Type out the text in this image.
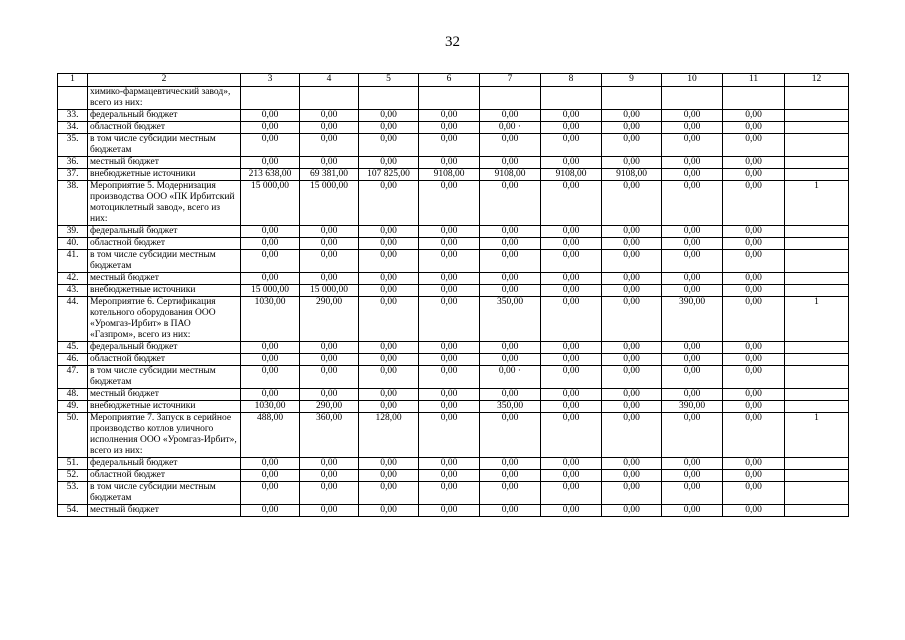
32
1	2	3	4	5	6	7	8	9	10	11	12
	химико-фармацевтический завод», всего из них:										
33.	федеральный бюджет	0,00	0,00	0,00	0,00	0,00	0,00	0,00	0,00	0,00	
34.	областной бюджет	0,00	0,00	0,00	0,00	0,00 ·	0,00	0,00	0,00	0,00	
35.	в том числе субсидии местным бюджетам	0,00	0,00	0,00	0,00	0,00	0,00	0,00	0,00	0,00	
36.	местный бюджет	0,00	0,00	0,00	0,00	0,00	0,00	0,00	0,00	0,00	
37.	внебюджетные источники	213 638,00	69 381,00	107 825,00	9108,00	9108,00	9108,00	9108,00	0,00	0,00	
38.	Мероприятие 5. Модернизация производства ООО «ПК Ирбитский мотоциклетный завод», всего из них:	15 000,00	15 000,00	0,00	0,00	0,00	0,00	0,00	0,00	0,00	1
39.	федеральный бюджет	0,00	0,00	0,00	0,00	0,00	0,00	0,00	0,00	0,00	
40.	областной бюджет	0,00	0,00	0,00	0,00	0,00	0,00	0,00	0,00	0,00	
41.	в том числе субсидии местным бюджетам	0,00	0,00	0,00	0,00	0,00	0,00	0,00	0,00	0,00	
42.	местный бюджет	0,00	0,00	0,00	0,00	0,00	0,00	0,00	0,00	0,00	
43.	внебюджетные источники	15 000,00	15 000,00	0,00	0,00	0,00	0,00	0,00	0,00	0,00	
44.	Мероприятие 6. Сертификация котельного оборудования ООО «Уромгаз-Ирбит» в ПАО «Газпром», всего из них:	1030,00	290,00	0,00	0,00	350,00	0,00	0,00	390,00	0,00	1
45.	федеральный бюджет	0,00	0,00	0,00	0,00	0,00	0,00	0,00	0,00	0,00	
46.	областной бюджет	0,00	0,00	0,00	0,00	0,00	0,00	0,00	0,00	0,00	
47.	в том числе субсидии местным бюджетам	0,00	0,00	0,00	0,00	0,00 ·	0,00	0,00	0,00	0,00	
48.	местный бюджет	0,00	0,00	0,00	0,00	0,00	0,00	0,00	0,00	0,00	
49.	внебюджетные источники	1030,00	290,00	0,00	0,00	350,00	0,00	0,00	390,00	0,00	
50.	Мероприятие 7. Запуск в серийное производство котлов уличного исполнения ООО «Уромгаз-Ирбит», всего из них:	488,00	360,00	128,00	0,00	0,00	0,00	0,00	0,00	0,00	1
51.	федеральный бюджет	0,00	0,00	0,00	0,00	0,00	0,00	0,00	0,00	0,00	
52.	областной бюджет	0,00	0,00	0,00	0,00	0,00	0,00	0,00	0,00	0,00	
53.	в том числе субсидии местным бюджетам	0,00	0,00	0,00	0,00	0,00	0,00	0,00	0,00	0,00	
54.	местный бюджет	0,00	0,00	0,00	0,00	0,00	0,00	0,00	0,00	0,00	
